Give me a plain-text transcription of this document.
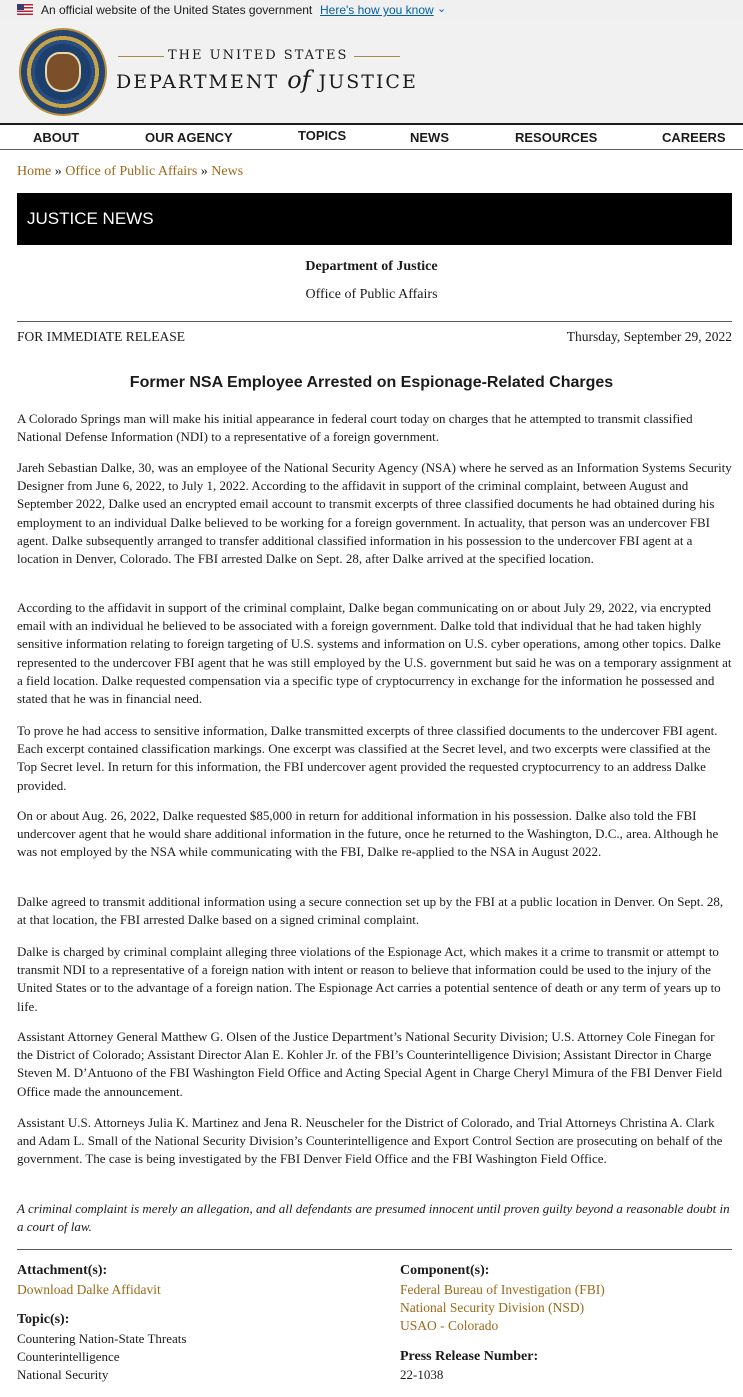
An official website of the United States government Here's how you know ⌄
THE UNITED STATES
DEPARTMENT of JUSTICE
ABOUT	OUR AGENCY	TOPICS	NEWS	RESOURCES	CAREERS
Home » Office of Public Affairs » News
JUSTICE NEWS
Department of Justice
Office of Public Affairs
FOR IMMEDIATE RELEASE	Thursday, September 29, 2022
Former NSA Employee Arrested on Espionage-Related Charges
A Colorado Springs man will make his initial appearance in federal court today on charges that he attempted to transmit classified National Defense Information (NDI) to a representative of a foreign government.
Jareh Sebastian Dalke, 30, was an employee of the National Security Agency (NSA) where he served as an Information Systems Security Designer from June 6, 2022, to July 1, 2022. According to the affidavit in support of the criminal complaint, between August and September 2022, Dalke used an encrypted email account to transmit excerpts of three classified documents he had obtained during his employment to an individual Dalke believed to be working for a foreign government. In actuality, that person was an undercover FBI agent. Dalke subsequently arranged to transfer additional classified information in his possession to the undercover FBI agent at a location in Denver, Colorado. The FBI arrested Dalke on Sept. 28, after Dalke arrived at the specified location.
According to the affidavit in support of the criminal complaint, Dalke began communicating on or about July 29, 2022, via encrypted email with an individual he believed to be associated with a foreign government. Dalke told that individual that he had taken highly sensitive information relating to foreign targeting of U.S. systems and information on U.S. cyber operations, among other topics. Dalke represented to the undercover FBI agent that he was still employed by the U.S. government but said he was on a temporary assignment at a field location. Dalke requested compensation via a specific type of cryptocurrency in exchange for the information he possessed and stated that he was in financial need.
To prove he had access to sensitive information, Dalke transmitted excerpts of three classified documents to the undercover FBI agent. Each excerpt contained classification markings. One excerpt was classified at the Secret level, and two excerpts were classified at the Top Secret level. In return for this information, the FBI undercover agent provided the requested cryptocurrency to an address Dalke provided.
On or about Aug. 26, 2022, Dalke requested $85,000 in return for additional information in his possession. Dalke also told the FBI undercover agent that he would share additional information in the future, once he returned to the Washington, D.C., area. Although he was not employed by the NSA while communicating with the FBI, Dalke re-applied to the NSA in August 2022.
Dalke agreed to transmit additional information using a secure connection set up by the FBI at a public location in Denver. On Sept. 28, at that location, the FBI arrested Dalke based on a signed criminal complaint.
Dalke is charged by criminal complaint alleging three violations of the Espionage Act, which makes it a crime to transmit or attempt to transmit NDI to a representative of a foreign nation with intent or reason to believe that information could be used to the injury of the United States or to the advantage of a foreign nation. The Espionage Act carries a potential sentence of death or any term of years up to life.
Assistant Attorney General Matthew G. Olsen of the Justice Department’s National Security Division; U.S. Attorney Cole Finegan for the District of Colorado; Assistant Director Alan E. Kohler Jr. of the FBI’s Counterintelligence Division; Assistant Director in Charge Steven M. D’Antuono of the FBI Washington Field Office and Acting Special Agent in Charge Cheryl Mimura of the FBI Denver Field Office made the announcement.
Assistant U.S. Attorneys Julia K. Martinez and Jena R. Neuscheler for the District of Colorado, and Trial Attorneys Christina A. Clark and Adam L. Small of the National Security Division’s Counterintelligence and Export Control Section are prosecuting on behalf of the government. The case is being investigated by the FBI Denver Field Office and the FBI Washington Field Office.
A criminal complaint is merely an allegation, and all defendants are presumed innocent until proven guilty beyond a reasonable doubt in a court of law.
Attachment(s):
Download Dalke Affidavit
Topic(s):
Countering Nation-State Threats
Counterintelligence
National Security
Component(s):
Federal Bureau of Investigation (FBI)
National Security Division (NSD)
USAO - Colorado
Press Release Number:
22-1038
